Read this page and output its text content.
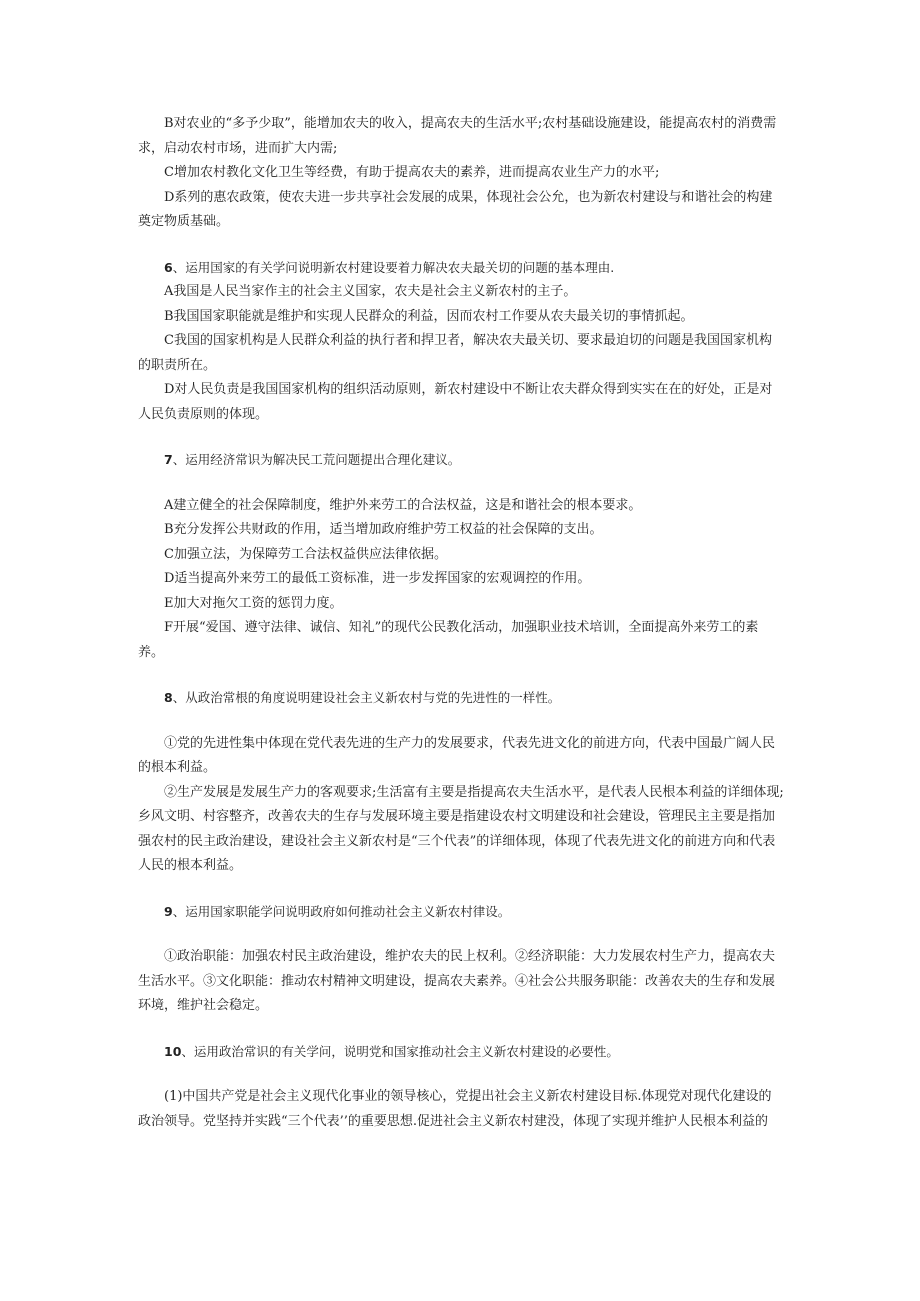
B对农业的“多予少取”，能增加农夫的收入，提高农夫的生活水平;农村基础设施建设，能提高农村的消费需求，启动农村市场，进而扩大内需;

C增加农村教化文化卫生等经费，有助于提高农夫的素养，进而提高农业生产力的水平;

D系列的惠农政策，使农夫进一步共享社会发展的成果，体现社会公允，也为新农村建设与和谐社会的构建奠定物质基础。

6、运用国家的有关学问说明新农村建设要着力解决农夫最关切的问题的基本理由.

A我国是人民当家作主的社会主义国家，农夫是社会主义新农村的主子。

B我国国家职能就是维护和实现人民群众的利益，因而农村工作要从农夫最关切的事情抓起。

C我国的国家机构是人民群众利益的执行者和捍卫者，解决农夫最关切、要求最迫切的问题是我国国家机构的职责所在。

D对人民负责是我国国家机构的组织活动原则，新农村建设中不断让农夫群众得到实实在在的好处，正是对人民负责原则的体现。

7、运用经济常识为解决民工荒问题提出合理化建议。

A建立健全的社会保障制度，维护外来劳工的合法权益，这是和谐社会的根本要求。

B充分发挥公共财政的作用，适当增加政府维护劳工权益的社会保障的支出。

C加强立法，为保障劳工合法权益供应法律依据。

D适当提高外来劳工的最低工资标准，进一步发挥国家的宏观调控的作用。

E加大对拖欠工资的惩罚力度。

F开展“爱国、遵守法律、诚信、知礼”的现代公民教化活动，加强职业技术培训，全面提高外来劳工的素养。

8、从政治常根的角度说明建设社会主义新农村与党的先进性的一样性。

①党的先进性集中体现在党代表先进的生产力的发展要求，代表先进文化的前进方向，代表中国最广阔人民的根本利益。

②生产发展是发展生产力的客观要求;生活富有主要是指提高农夫生活水平，是代表人民根本利益的详细体现;乡风文明、村容整齐，改善农夫的生存与发展环境主要是指建设农村文明建设和社会建设，管理民主主要是指加强农村的民主政治建设，建设社会主义新农村是“三个代表”的详细体现，体现了代表先进文化的前进方向和代表人民的根本利益。

9、运用国家职能学问说明政府如何推动社会主义新农村律设。

①政治职能：加强农村民主政治建设，维护农夫的民上权利。②经济职能：大力发展农村生产力，提高农夫生活水平。③文化职能：推动农村精神文明建设，提高农夫素养。④社会公共服务职能：改善农夫的生存和发展环境，维护社会稳定。

10、运用政治常识的有关学问，说明党和国家推动社会主义新农村建设的必要性。

(1)中国共产党是社会主义现代化事业的领导核心，党提出社会主义新农村建设目标.体现党对现代化建设的政治领导。党坚持并实践“三个代表’’的重要思想.促进社会主义新农村建没，体现了实现并维护人民根本利益的
